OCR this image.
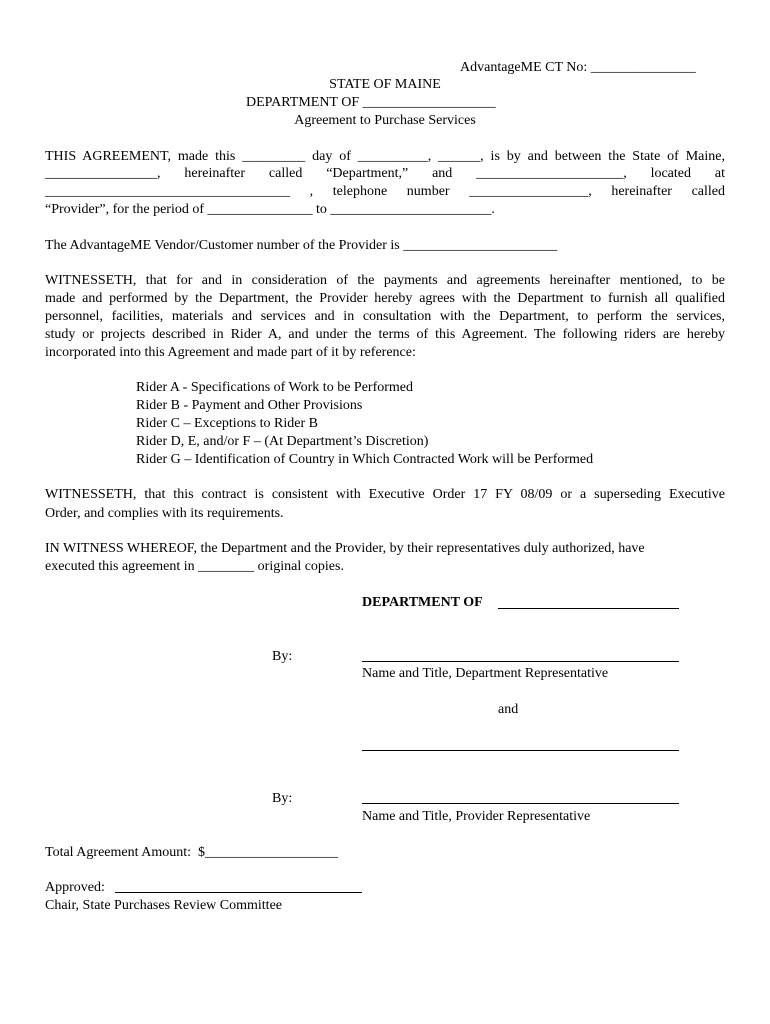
AdvantageME CT No: _______________
STATE OF MAINE
DEPARTMENT OF ___________________
Agreement to Purchase Services
THIS AGREEMENT, made this _________ day of __________, ______, is by and between the State of Maine,
________________, hereinafter called “Department,” and _____________________, located at
___________________________________ , telephone number _________________, hereinafter called
“Provider”, for the period of _______________ to _______________________.
The AdvantageME Vendor/Customer number of the Provider is ______________________
WITNESSETH, that for and in consideration of the payments and agreements hereinafter mentioned, to be
made and performed by the Department, the Provider hereby agrees with the Department to furnish all qualified
personnel, facilities, materials and services and in consultation with the Department, to perform the services,
study or projects described in Rider A, and under the terms of this Agreement. The following riders are hereby
incorporated into this Agreement and made part of it by reference:
Rider A - Specifications of Work to be Performed
Rider B - Payment and Other Provisions
Rider C – Exceptions to Rider B
Rider D, E, and/or F – (At Department’s Discretion)
Rider G – Identification of Country in Which Contracted Work will be Performed
WITNESSETH, that this contract is consistent with Executive Order 17 FY 08/09 or a superseding Executive
Order, and complies with its requirements.
IN WITNESS WHEREOF, the Department and the Provider, by their representatives duly authorized, have
executed this agreement in ________ original copies.
DEPARTMENT OF
By:
Name and Title, Department Representative
and
By:
Name and Title, Provider Representative
Total Agreement Amount:  $___________________
Approved:
Chair, State Purchases Review Committee
